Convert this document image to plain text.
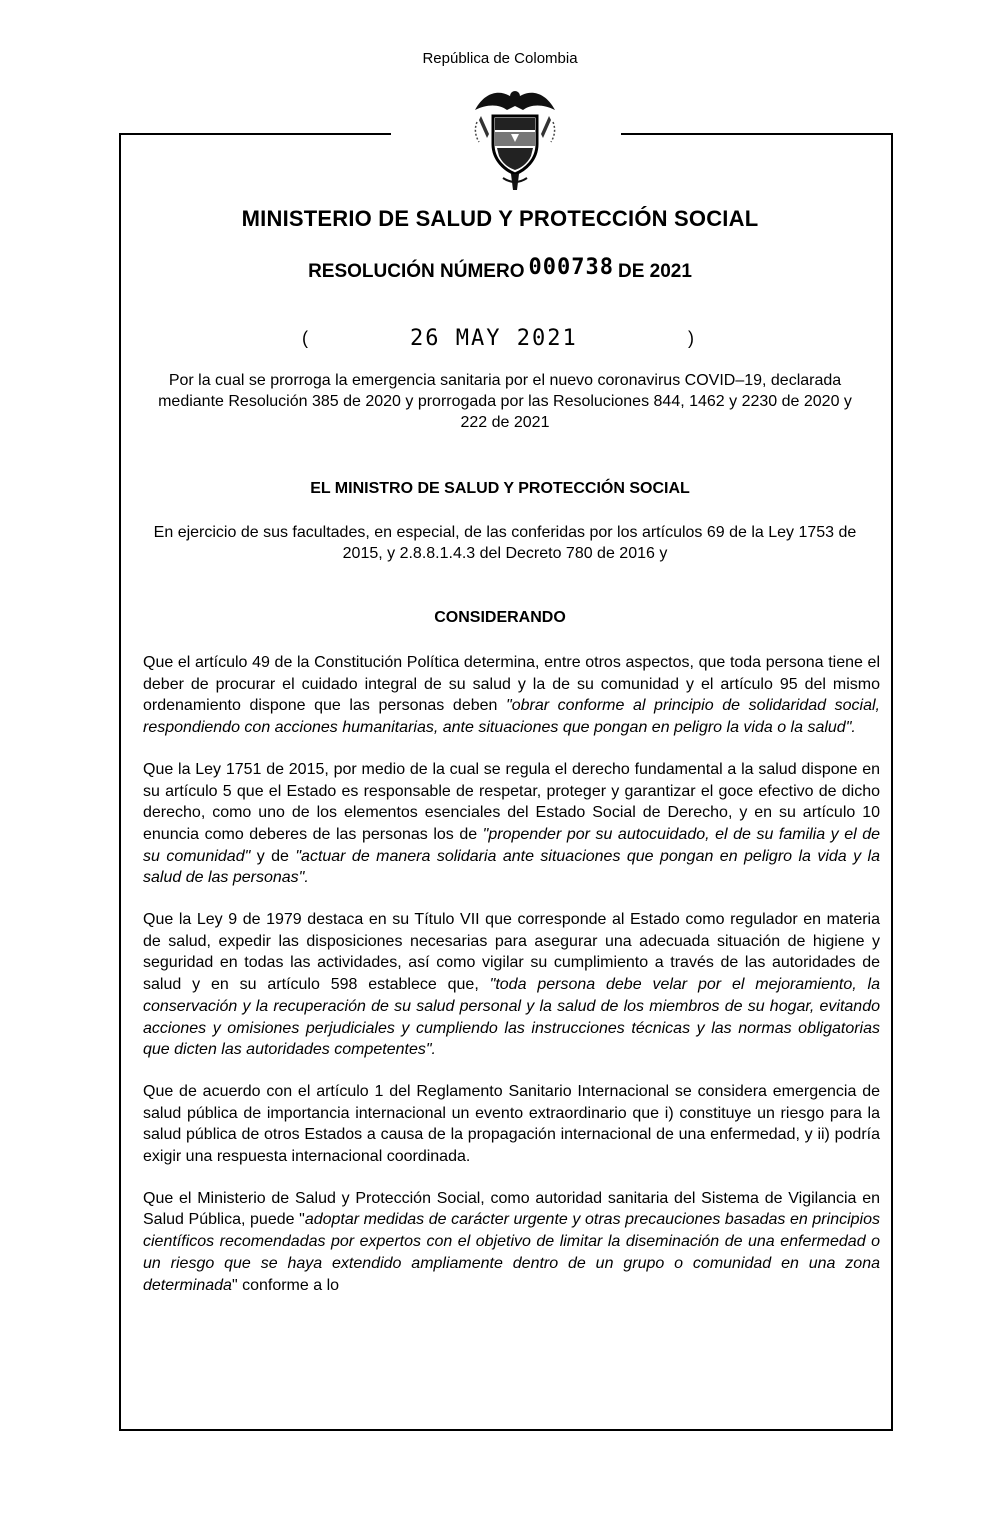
República de Colombia
MINISTERIO DE SALUD Y PROTECCIÓN SOCIAL
RESOLUCIÓN NÚMERO 000738 DE 2021
(	26 MAY 2021	)
Por la cual se prorroga la emergencia sanitaria por el nuevo coronavirus COVID–19, declarada mediante Resolución 385 de 2020 y prorrogada por las Resoluciones 844, 1462 y 2230 de 2020 y 222 de 2021
EL MINISTRO DE SALUD Y PROTECCIÓN SOCIAL
En ejercicio de sus facultades, en especial, de las conferidas por los artículos 69 de la Ley 1753 de 2015, y 2.8.8.1.4.3 del Decreto 780 de 2016 y
CONSIDERANDO

Que el artículo 49 de la Constitución Política determina, entre otros aspectos, que toda persona tiene el deber de procurar el cuidado integral de su salud y la de su comunidad y el artículo 95 del mismo ordenamiento dispone que las personas deben "obrar conforme al principio de solidaridad social, respondiendo con acciones humanitarias, ante situaciones que pongan en peligro la vida o la salud".

Que la Ley 1751 de 2015, por medio de la cual se regula el derecho fundamental a la salud dispone en su artículo 5 que el Estado es responsable de respetar, proteger y garantizar el goce efectivo de dicho derecho, como uno de los elementos esenciales del Estado Social de Derecho, y en su artículo 10 enuncia como deberes de las personas los de "propender por su autocuidado, el de su familia y el de su comunidad" y de "actuar de manera solidaria ante situaciones que pongan en peligro la vida y la salud de las personas".

Que la Ley 9 de 1979 destaca en su Título VII que corresponde al Estado como regulador en materia de salud, expedir las disposiciones necesarias para asegurar una adecuada situación de higiene y seguridad en todas las actividades, así como vigilar su cumplimiento a través de las autoridades de salud y en su artículo 598 establece que, "toda persona debe velar por el mejoramiento, la conservación y la recuperación de su salud personal y la salud de los miembros de su hogar, evitando acciones y omisiones perjudiciales y cumpliendo las instrucciones técnicas y las normas obligatorias que dicten las autoridades competentes".

Que de acuerdo con el artículo 1 del Reglamento Sanitario Internacional se considera emergencia de salud pública de importancia internacional un evento extraordinario que i) constituye un riesgo para la salud pública de otros Estados a causa de la propagación internacional de una enfermedad, y ii) podría exigir una respuesta internacional coordinada.

Que el Ministerio de Salud y Protección Social, como autoridad sanitaria del Sistema de Vigilancia en Salud Pública, puede "adoptar medidas de carácter urgente y otras precauciones basadas en principios científicos recomendadas por expertos con el objetivo de limitar la diseminación de una enfermedad o un riesgo que se haya extendido ampliamente dentro de un grupo o comunidad en una zona determinada" conforme a lo
